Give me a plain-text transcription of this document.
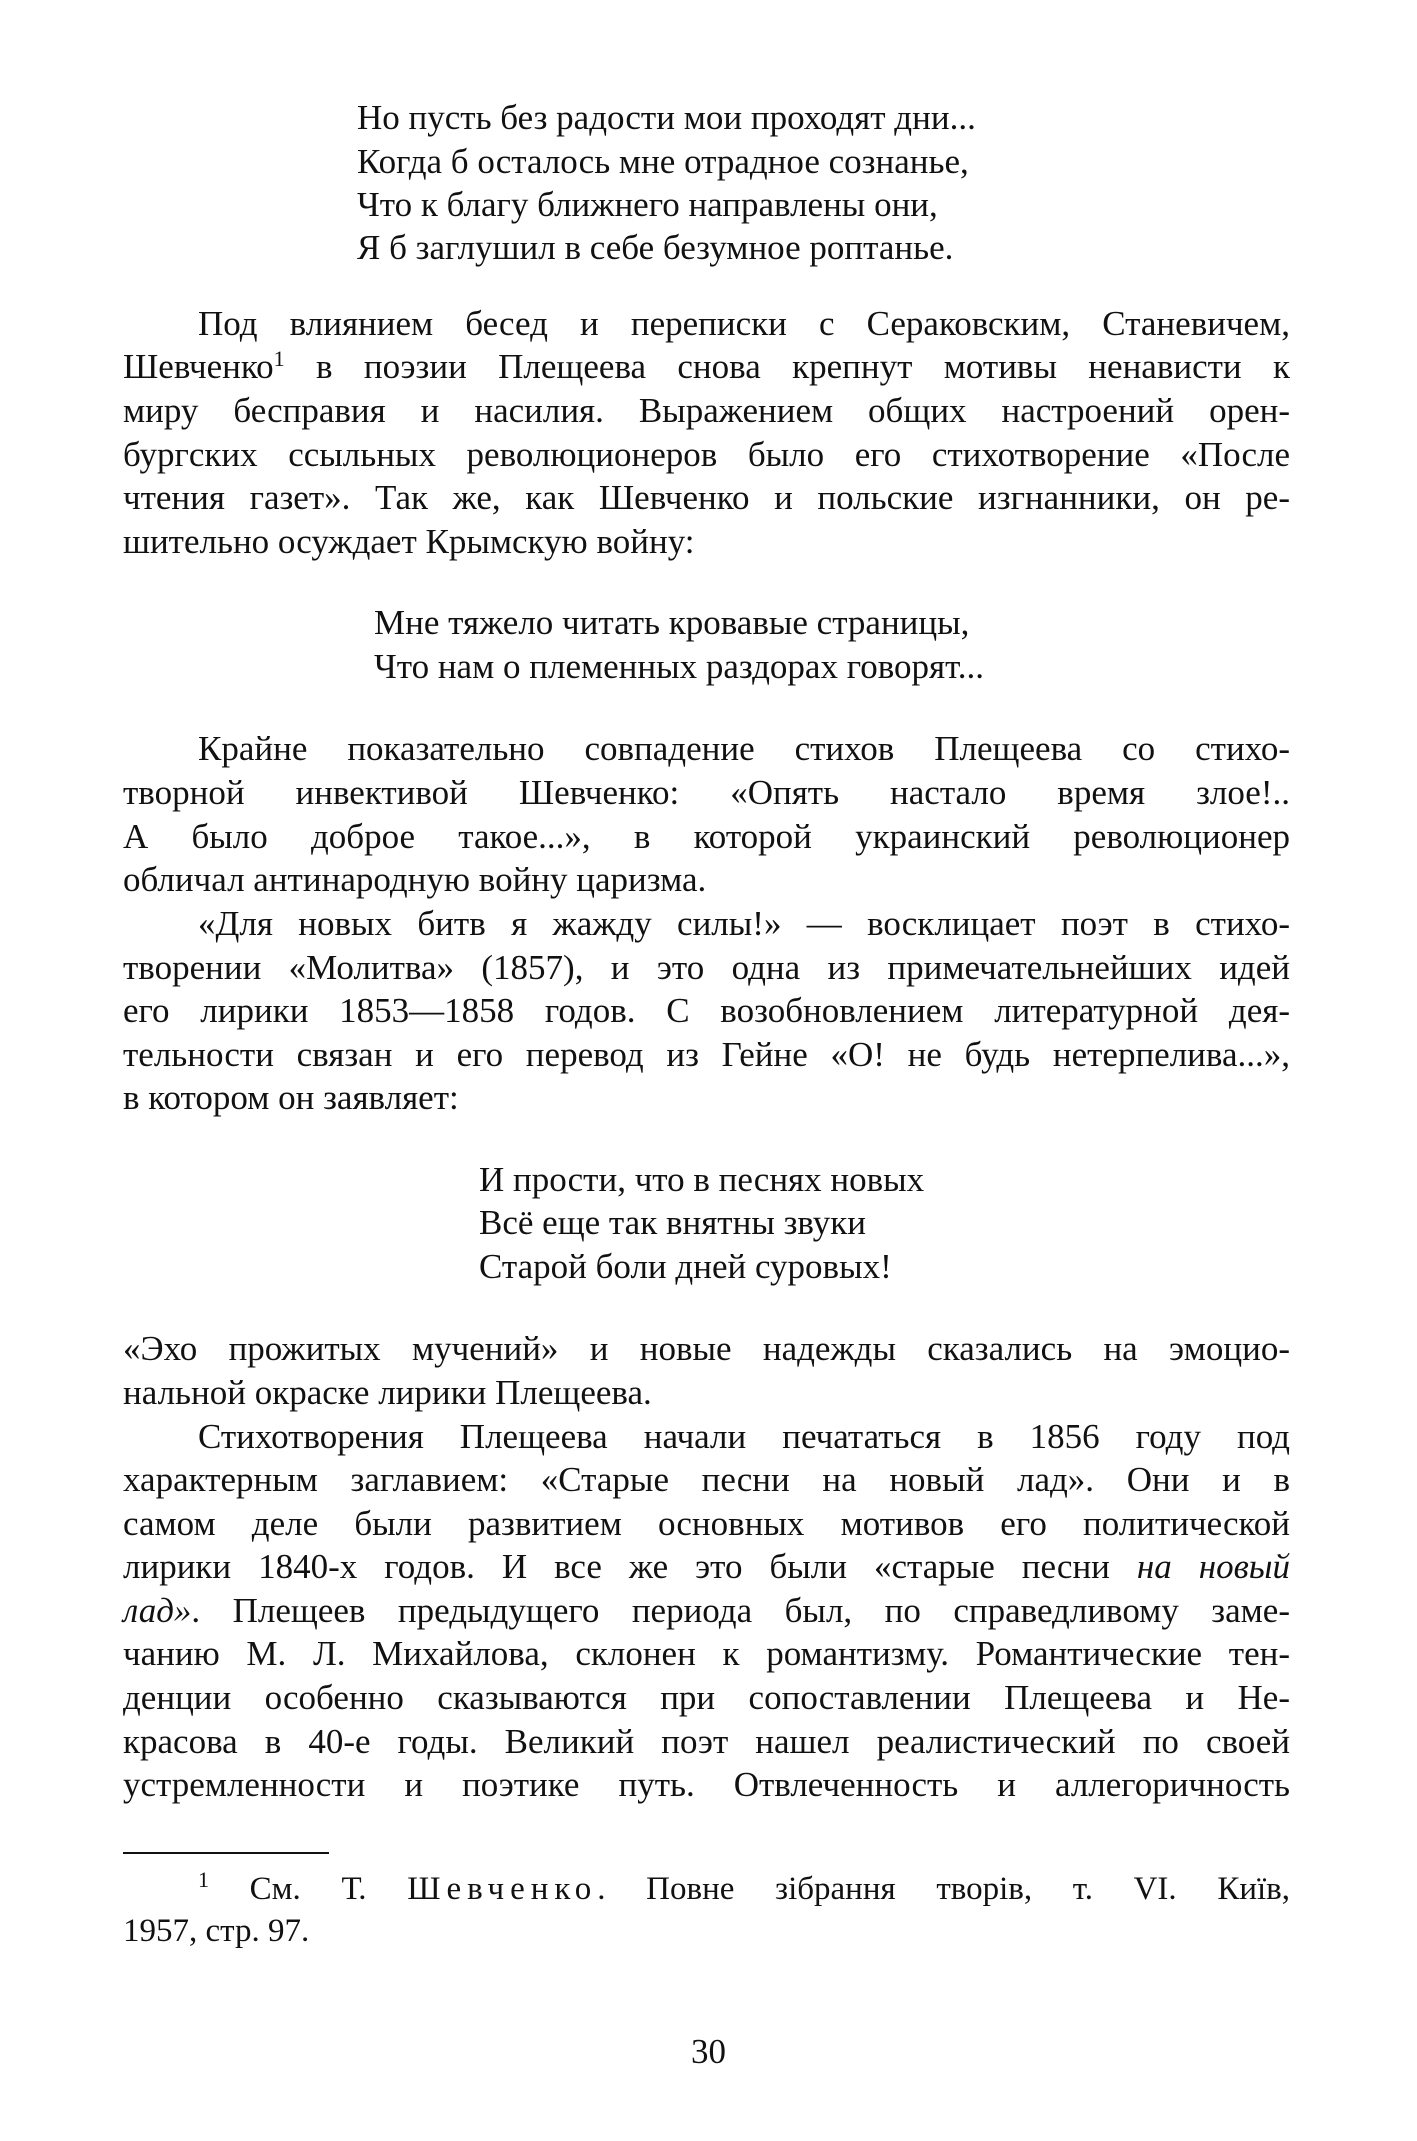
Но пусть без радости мои проходят дни...
Когда б осталось мне отрадное сознанье,
Что к благу ближнего направлены они,
Я б заглушил в себе безумное роптанье.
Под влиянием бесед и переписки с Сераковским, Станевичем,
Шевченко$^1$ в поэзии Плещеева снова крепнут мотивы ненависти к
миру бесправия и насилия. Выражением общих настроений орен-
бургских ссыльных революционеров было его стихотворение «После
чтения газет». Так же, как Шевченко и польские изгнанники, он ре-
шительно осуждает Крымскую войну:
Мне тяжело читать кровавые страницы,
Что нам о племенных раздорах говорят...
Крайне показательно совпадение стихов Плещеева со стихо-
творной инвективой Шевченко: «Опять настало время злое!..
А было доброе такое...», в которой украинский революционер
обличал антинародную войну царизма.
«Для новых битв я жажду силы!» — восклицает поэт в стихо-
творении «Молитва» (1857), и это одна из примечательнейших идей
его лирики 1853—1858 годов. С возобновлением литературной дея-
тельности связан и его перевод из Гейне «О! не будь нетерпелива...»,
в котором он заявляет:
И прости, что в песнях новых
Всё еще так внятны звуки
Старой боли дней суровых!
«Эхо прожитых мучений» и новые надежды сказались на эмоцио-
нальной окраске лирики Плещеева.
Стихотворения Плещеева начали печататься в 1856 году под
характерным заглавием: «Старые песни на новый лад». Они и в
самом деле были развитием основных мотивов его политической
лирики 1840-х годов. И все же это были «старые песни на новый
лад». Плещеев предыдущего периода был, по справедливому заме-
чанию М. Л. Михайлова, склонен к романтизму. Романтические тен-
денции особенно сказываются при сопоставлении Плещеева и Не-
красова в 40-е годы. Великий поэт нашел реалистический по своей
устремленности и поэтике путь. Отвлеченность и аллегоричность
$^1$ См. Т. Шевченко. Повне зібрання творів, т. VI. Київ,
1957, стр. 97.
30
